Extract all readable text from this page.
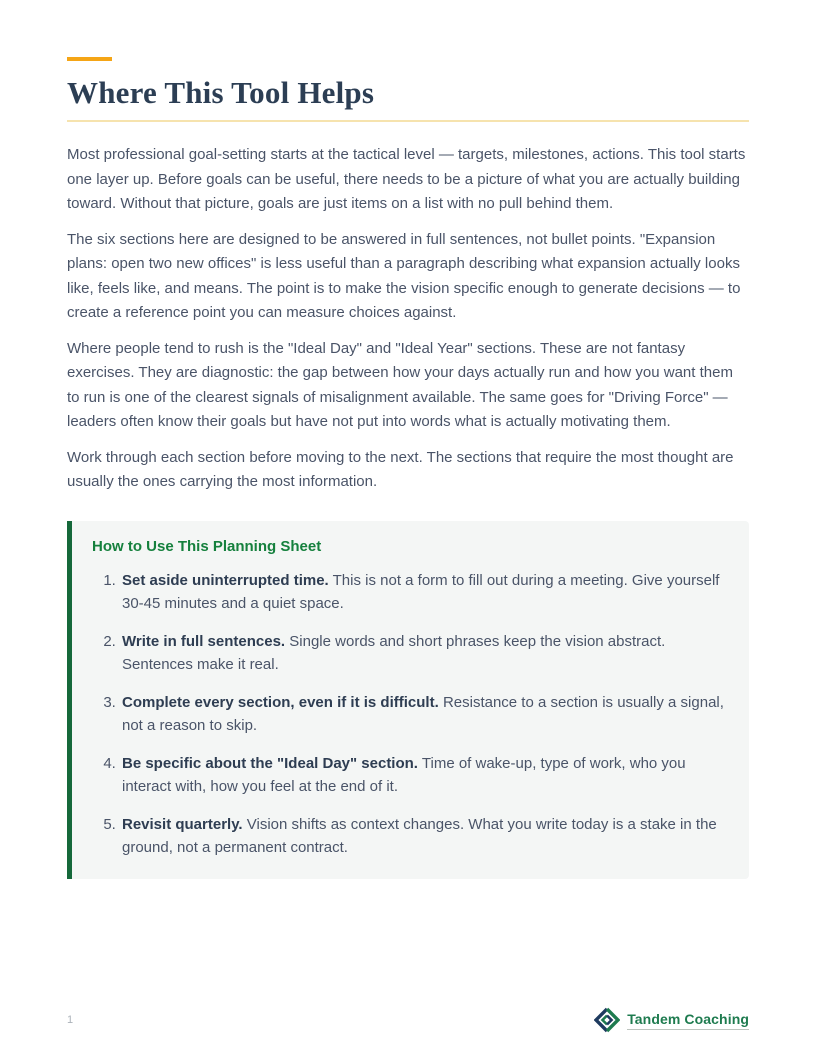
Where This Tool Helps

Most professional goal-setting starts at the tactical level — targets, milestones, actions. This tool starts one layer up. Before goals can be useful, there needs to be a picture of what you are actually building toward. Without that picture, goals are just items on a list with no pull behind them.

The six sections here are designed to be answered in full sentences, not bullet points. "Expansion plans: open two new offices" is less useful than a paragraph describing what expansion actually looks like, feels like, and means. The point is to make the vision specific enough to generate decisions — to create a reference point you can measure choices against.

Where people tend to rush is the "Ideal Day" and "Ideal Year" sections. These are not fantasy exercises. They are diagnostic: the gap between how your days actually run and how you want them to run is one of the clearest signals of misalignment available. The same goes for "Driving Force" — leaders often know their goals but have not put into words what is actually motivating them.

Work through each section before moving to the next. The sections that require the most thought are usually the ones carrying the most information.

How to Use This Planning Sheet
1. Set aside uninterrupted time. This is not a form to fill out during a meeting. Give yourself 30-45 minutes and a quiet space.
2. Write in full sentences. Single words and short phrases keep the vision abstract. Sentences make it real.
3. Complete every section, even if it is difficult. Resistance to a section is usually a signal, not a reason to skip.
4. Be specific about the "Ideal Day" section. Time of wake-up, type of work, who you interact with, how you feel at the end of it.
5. Revisit quarterly. Vision shifts as context changes. What you write today is a stake in the ground, not a permanent contract.
1	Tandem Coaching
